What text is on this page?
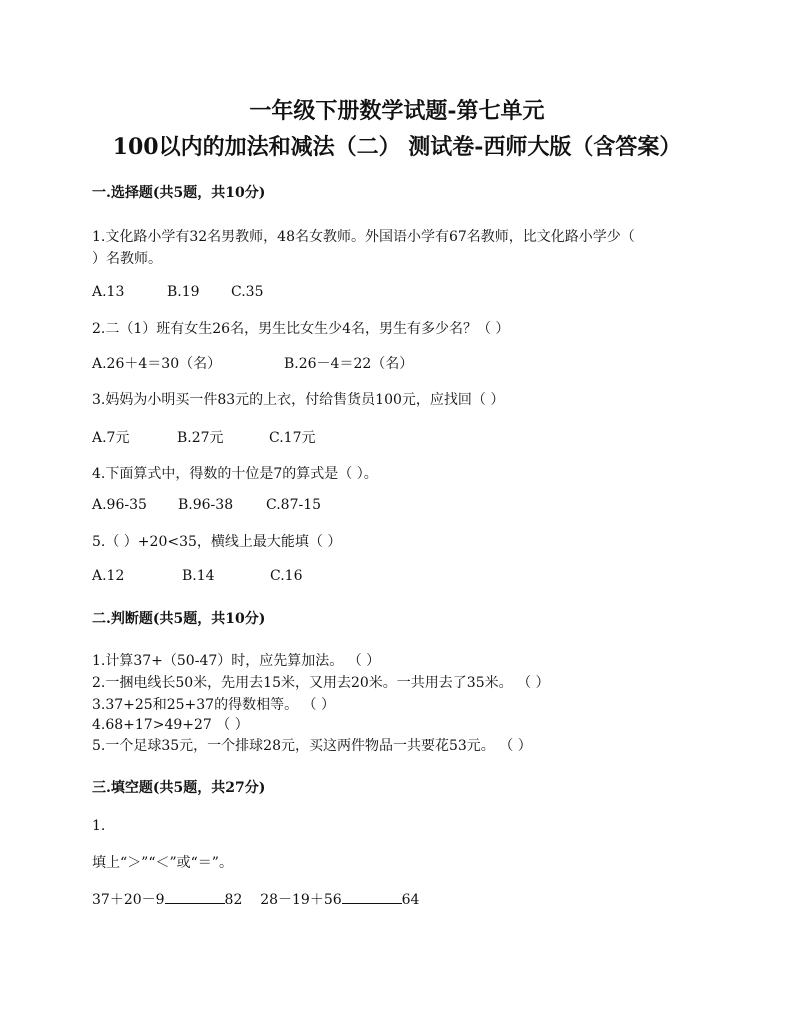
一年级下册数学试题-第七单元
100以内的加法和减法（二） 测试卷-西师大版（含答案）
一.选择题(共5题，共10分)
1.文化路小学有32名男教师，48名女教师。外国语小学有67名教师，比文化路小学少（
）名教师。
A.13	B.19 C.35
2.二（1）班有女生26名，男生比女生少4名，男生有多少名？（ ）
A.26＋4＝30（名）	B.26－4＝22（名）
3.妈妈为小明买一件83元的上衣，付给售货员100元，应找回（ ）
A.7元	B.27元	C.17元
4.下面算式中，得数的十位是7的算式是（ ）。
A.96-35 B.96-38 C.87-15
5.（ ）+20<35，横线上最大能填（ ）
A.12	B.14	C.16
二.判断题(共5题，共10分)
1.计算37+（50-47）时，应先算加法。 （ ）
2.一捆电线长50米，先用去15米，又用去20米。一共用去了35米。 （ ）
3.37+25和25+37的得数相等。 （ ）
4.68+17>49+27 （ ）
5.一个足球35元，一个排球28元，买这两件物品一共要花53元。 （ ）
三.填空题(共5题，共27分)
1.
填上“＞”“＜”或“＝”。
37＋20－9	82 28－19＋56	64
